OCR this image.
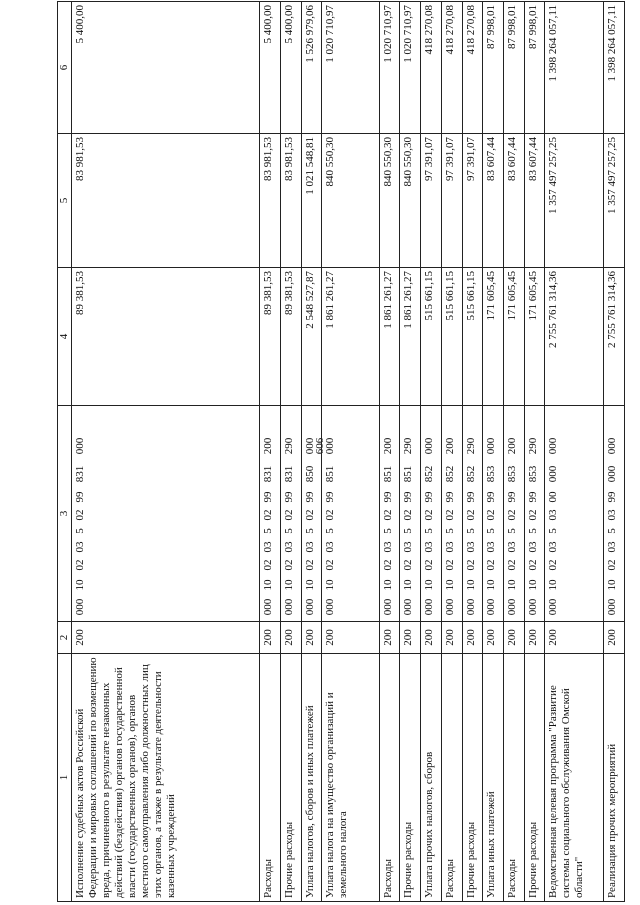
606
1	2	3	4	5	6
Исполнение судебных актов Российской Федерации и мировых соглашений по возмещению вреда, причиненного в результате незаконных действий (бездействия) органов государственной власти (государственных органов), органов местного самоуправления либо должностных лиц этих органов, а также в результате деятельности казенных учреждений	200	00010020350299831000	89 381,53	83 981,53	5 400,00
Расходы	200	00010020350299831200	89 381,53	83 981,53	5 400,00
Прочие расходы	200	00010020350299831290	89 381,53	83 981,53	5 400,00
Уплата налогов, сборов и иных платежей	200	00010020350299850000	2 548 527,87	1 021 548,81	1 526 979,06
Уплата налога на имущество организаций и земельного налога	200	00010020350299851000	1 861 261,27	840 550,30	1 020 710,97
Расходы	200	00010020350299851200	1 861 261,27	840 550,30	1 020 710,97
Прочие расходы	200	00010020350299851290	1 861 261,27	840 550,30	1 020 710,97
Уплата прочих налогов, сборов	200	00010020350299852000	515 661,15	97 391,07	418 270,08
Расходы	200	00010020350299852200	515 661,15	97 391,07	418 270,08
Прочие расходы	200	00010020350299852290	515 661,15	97 391,07	418 270,08
Уплата иных платежей	200	00010020350299853000	171 605,45	83 607,44	87 998,01
Расходы	200	00010020350299853200	171 605,45	83 607,44	87 998,01
Прочие расходы	200	00010020350299853290	171 605,45	83 607,44	87 998,01
Ведомственная целевая программа "Развитие системы социального обслуживания Омской области"	200	00010020350300000000	2 755 761 314,36	1 357 497 257,25	1 398 264 057,11
Реализация прочих мероприятий	200	00010020350399000000	2 755 761 314,36	1 357 497 257,25	1 398 264 057,11
